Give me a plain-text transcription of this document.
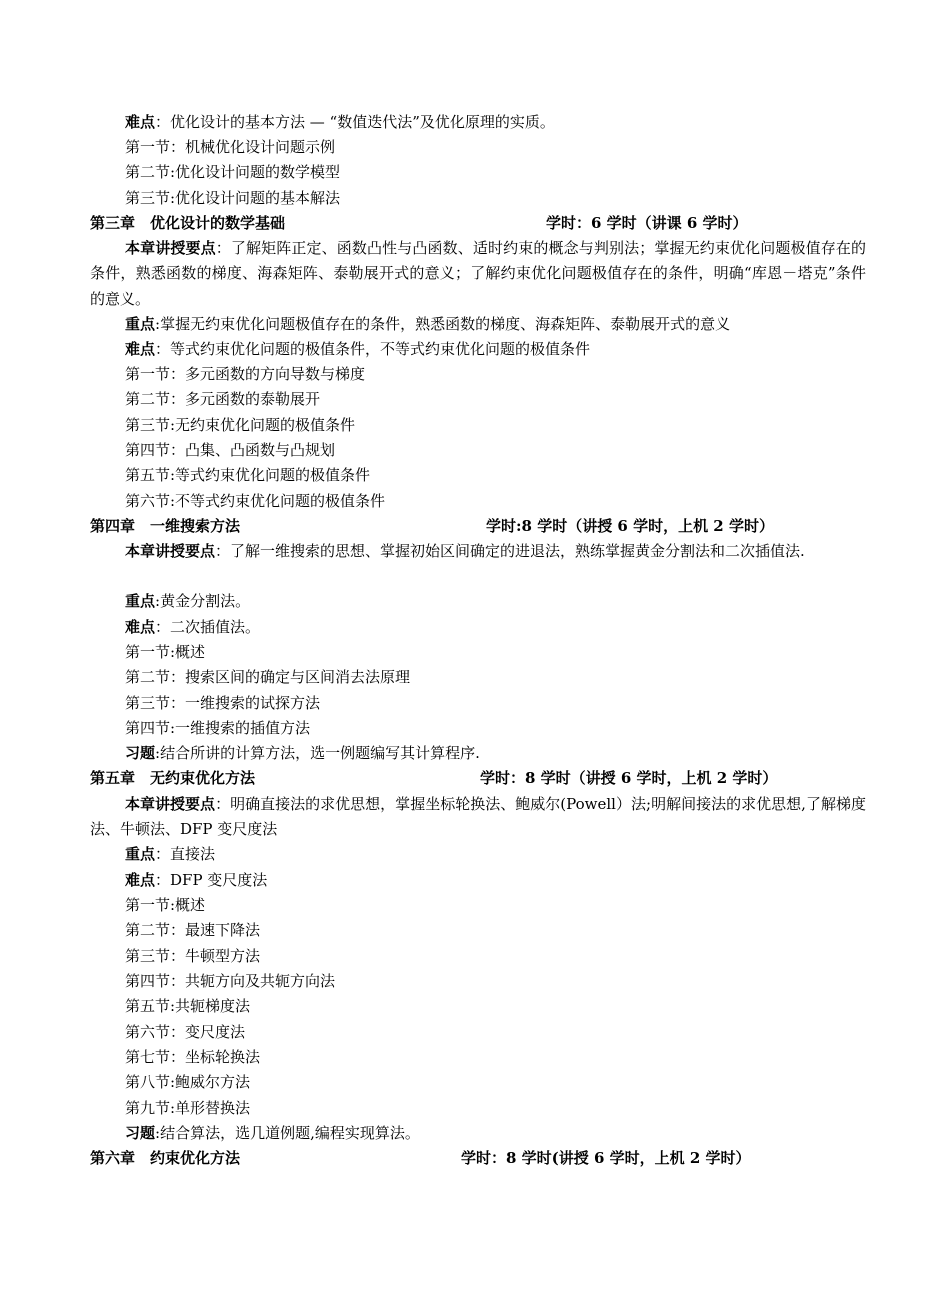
难点：优化设计的基本方法 — “数值迭代法”及优化原理的实质。
第一节：机械优化设计问题示例
第二节:优化设计问题的数学模型
第三节:优化设计问题的基本解法
第三章　优化设计的数学基础	学时：6 学时（讲课 6 学时）
本章讲授要点：了解矩阵正定、函数凸性与凸函数、适时约束的概念与判别法；掌握无约束优化问题极值存在的条件，熟悉函数的梯度、海森矩阵、泰勒展开式的意义；了解约束优化问题极值存在的条件，明确“库恩－塔克”条件的意义。
重点:掌握无约束优化问题极值存在的条件，熟悉函数的梯度、海森矩阵、泰勒展开式的意义
难点：等式约束优化问题的极值条件，不等式约束优化问题的极值条件
第一节：多元函数的方向导数与梯度
第二节：多元函数的泰勒展开
第三节:无约束优化问题的极值条件
第四节：凸集、凸函数与凸规划
第五节:等式约束优化问题的极值条件
第六节:不等式约束优化问题的极值条件
第四章　一维搜索方法	学时:8 学时（讲授 6 学时，上机 2 学时）
本章讲授要点：了解一维搜索的思想、掌握初始区间确定的进退法，熟练掌握黄金分割法和二次插值法.
重点:黄金分割法。
难点：二次插值法。
第一节:概述
第二节：搜索区间的确定与区间消去法原理
第三节：一维搜索的试探方法
第四节:一维搜索的插值方法
习题:结合所讲的计算方法，选一例题编写其计算程序.
第五章　无约束优化方法	学时：8 学时（讲授 6 学时，上机 2 学时）
本章讲授要点：明确直接法的求优思想，掌握坐标轮换法、鲍威尔(Powell）法;明解间接法的求优思想,了解梯度法、牛顿法、DFP 变尺度法
重点：直接法
难点：DFP 变尺度法
第一节:概述
第二节：最速下降法
第三节：牛顿型方法
第四节：共轭方向及共轭方向法
第五节:共轭梯度法
第六节：变尺度法
第七节：坐标轮换法
第八节:鲍威尔方法
第九节:单形替换法
习题:结合算法，选几道例题,编程实现算法。
第六章　约束优化方法	学时：8 学时(讲授 6 学时，上机 2 学时）
